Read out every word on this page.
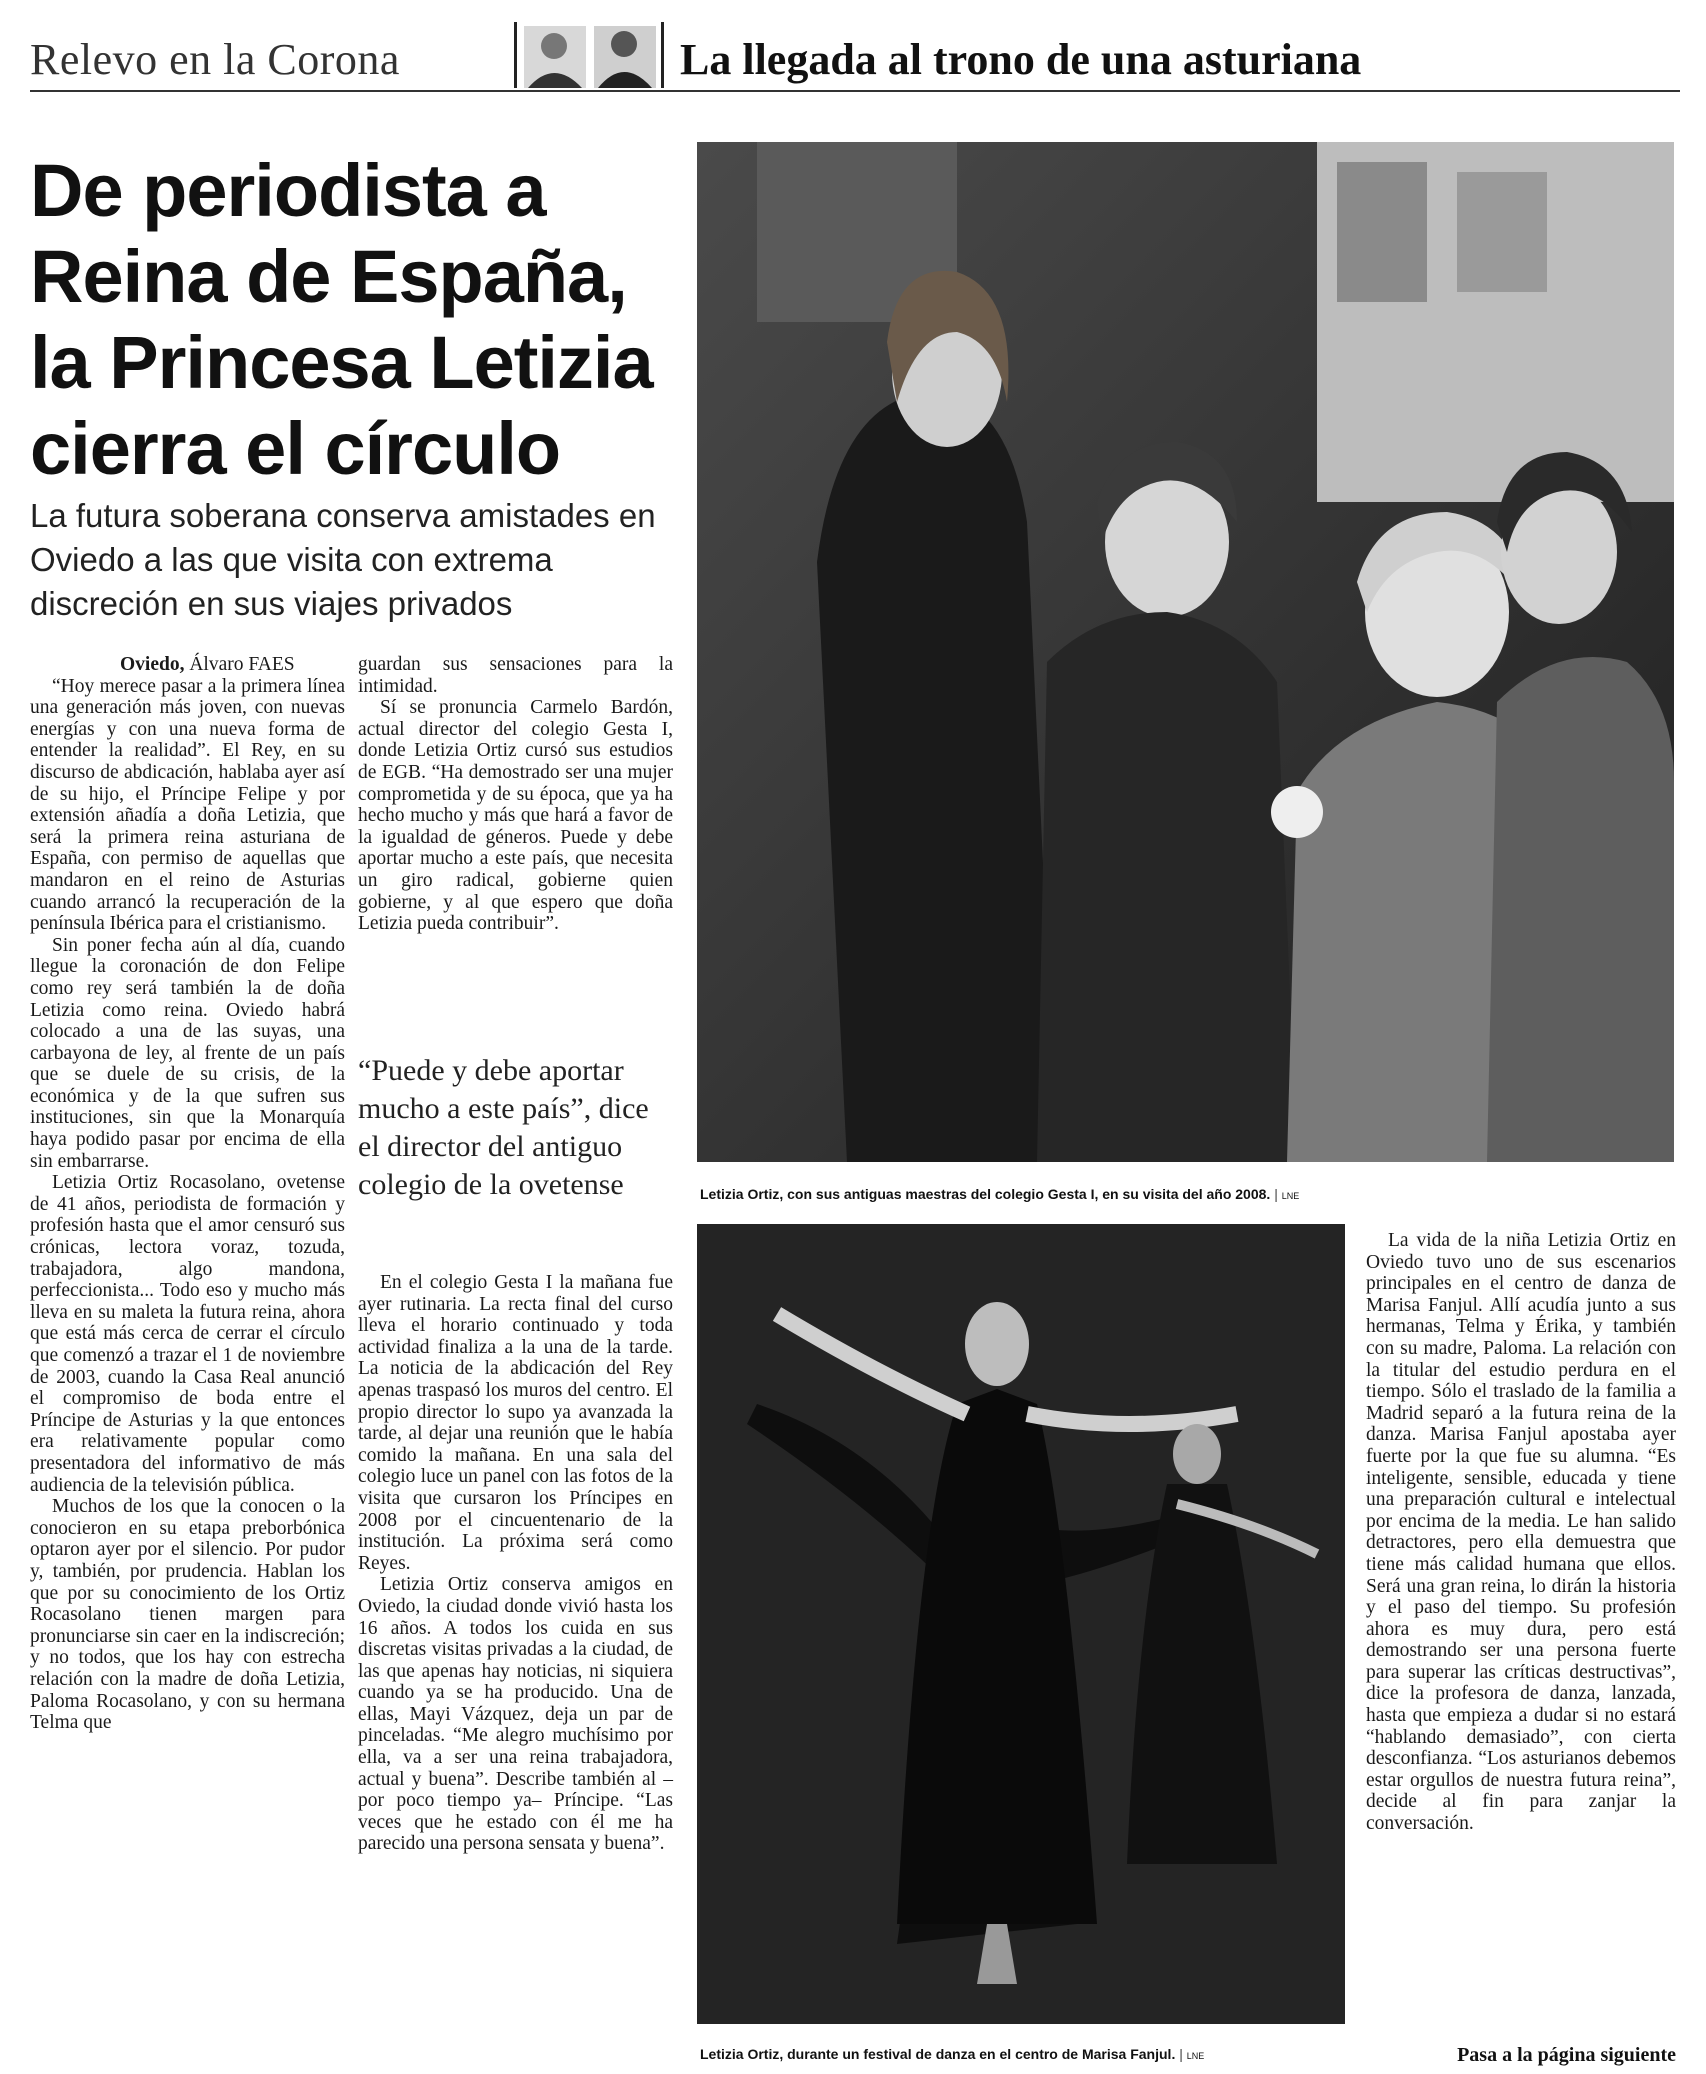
Relevo en la Corona	La llegada al trono de una asturiana
De periodista a Reina de España, la Princesa Letizia cierra el círculo
La futura soberana conserva amistades en Oviedo a las que visita con extrema discreción en sus viajes privados

Oviedo, Álvaro FAES

“Hoy merece pasar a la primera línea una generación más joven, con nuevas energías y con una nueva forma de entender la realidad”. El Rey, en su discurso de abdicación, hablaba ayer así de su hijo, el Príncipe Felipe y por extensión añadía a doña Letizia, que será la primera reina asturiana de España, con permiso de aquellas que mandaron en el reino de Asturias cuando arrancó la recuperación de la península Ibérica para el cristianismo.

Sin poner fecha aún al día, cuando llegue la coronación de don Felipe como rey será también la de doña Letizia como reina. Oviedo habrá colocado a una de las suyas, una carbayona de ley, al frente de un país que se duele de su crisis, de la económica y de la que sufren sus instituciones, sin que la Monarquía haya podido pasar por encima de ella sin embarrarse.

Letizia Ortiz Rocasolano, ovetense de 41 años, periodista de formación y profesión hasta que el amor censuró sus crónicas, lectora voraz, tozuda, trabajadora, algo mandona, perfeccionista... Todo eso y mucho más lleva en su maleta la futura reina, ahora que está más cerca de cerrar el círculo que comenzó a trazar el 1 de noviembre de 2003, cuando la Casa Real anunció el compromiso de boda entre el Príncipe de Asturias y la que entonces era relativamente popular como presentadora del informativo de más audiencia de la televisión pública.

Muchos de los que la conocen o la conocieron en su etapa preborbónica optaron ayer por el silencio. Por pudor y, también, por prudencia. Hablan los que por su conocimiento de los Ortiz Rocasolano tienen margen para pronunciarse sin caer en la indiscreción; y no todos, que los hay con estrecha relación con la madre de doña Letizia, Paloma Rocasolano, y con su hermana Telma que

guardan sus sensaciones para la intimidad.

Sí se pronuncia Carmelo Bardón, actual director del colegio Gesta I, donde Letizia Ortiz cursó sus estudios de EGB. “Ha demostrado ser una mujer comprometida y de su época, que ya ha hecho mucho y más que hará a favor de la igualdad de géneros. Puede y debe aportar mucho a este país, que necesita un giro radical, gobierne quien gobierne, y al que espero que doña Letizia pueda contribuir”.

“Puede y debe aportar mucho a este país”, dice el director del antiguo colegio de la ovetense

En el colegio Gesta I la mañana fue ayer rutinaria. La recta final del curso lleva el horario continuado y toda actividad finaliza a la una de la tarde. La noticia de la abdicación del Rey apenas traspasó los muros del centro. El propio director lo supo ya avanzada la tarde, al dejar una reunión que le había comido la mañana. En una sala del colegio luce un panel con las fotos de la visita que cursaron los Príncipes en 2008 por el cincuentenario de la institución. La próxima será como Reyes.

Letizia Ortiz conserva amigos en Oviedo, la ciudad donde vivió hasta los 16 años. A todos los cuida en sus discretas visitas privadas a la ciudad, de las que apenas hay noticias, ni siquiera cuando ya se ha producido. Una de ellas, Mayi Vázquez, deja un par de pinceladas. “Me alegro muchísimo por ella, va a ser una reina trabajadora, actual y buena”. Describe también al –por poco tiempo ya– Príncipe. “Las veces que he estado con él me ha parecido una persona sensata y buena”.

Letizia Ortiz, con sus antiguas maestras del colegio Gesta I, en su visita del año 2008. | LNE
Letizia Ortiz, durante un festival de danza en el centro de Marisa Fanjul. | LNE

La vida de la niña Letizia Ortiz en Oviedo tuvo uno de sus escenarios principales en el centro de danza de Marisa Fanjul. Allí acudía junto a sus hermanas, Telma y Érika, y también con su madre, Paloma. La relación con la titular del estudio perdura en el tiempo. Sólo el traslado de la familia a Madrid separó a la futura reina de la danza. Marisa Fanjul apostaba ayer fuerte por la que fue su alumna. “Es inteligente, sensible, educada y tiene una preparación cultural e intelectual por encima de la media. Le han salido detractores, pero ella demuestra que tiene más calidad humana que ellos. Será una gran reina, lo dirán la historia y el paso del tiempo. Su profesión ahora es muy dura, pero está demostrando ser una persona fuerte para superar las críticas destructivas”, dice la profesora de danza, lanzada, hasta que empieza a dudar si no estará “hablando demasiado”, con cierta desconfianza. “Los asturianos debemos estar orgullos de nuestra futura reina”, decide al fin para zanjar la conversación.

Pasa a la página siguiente
